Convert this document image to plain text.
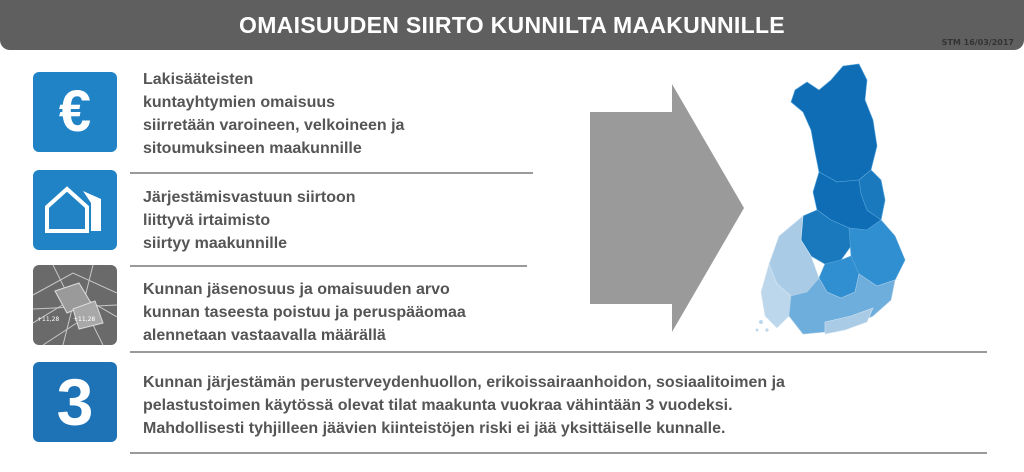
OMAISUUDEN SIIRTO KUNNILTA MAAKUNNILLE
STM 16/03/2017
€	Lakisääteisten
kuntayhtymien omaisuus
siirretään varoineen, velkoineen ja
sitoumuksineen maakunnille
Järjestämisvastuun siirtoon
liittyvä irtaimisto
siirtyy maakunnille
+11,28 +11,28
Kunnan jäsenosuus ja omaisuuden arvo
kunnan taseesta poistuu ja peruspääomaa
alennetaan vastaavalla määrällä
3	Kunnan järjestämän perusterveydenhuollon, erikoissairaanhoidon, sosiaalitoimen ja
pelastustoimen käytössä olevat tilat maakunta vuokraa vähintään 3 vuodeksi.
Mahdollisesti tyhjilleen jäävien kiinteistöjen riski ei jää yksittäiselle kunnalle.
